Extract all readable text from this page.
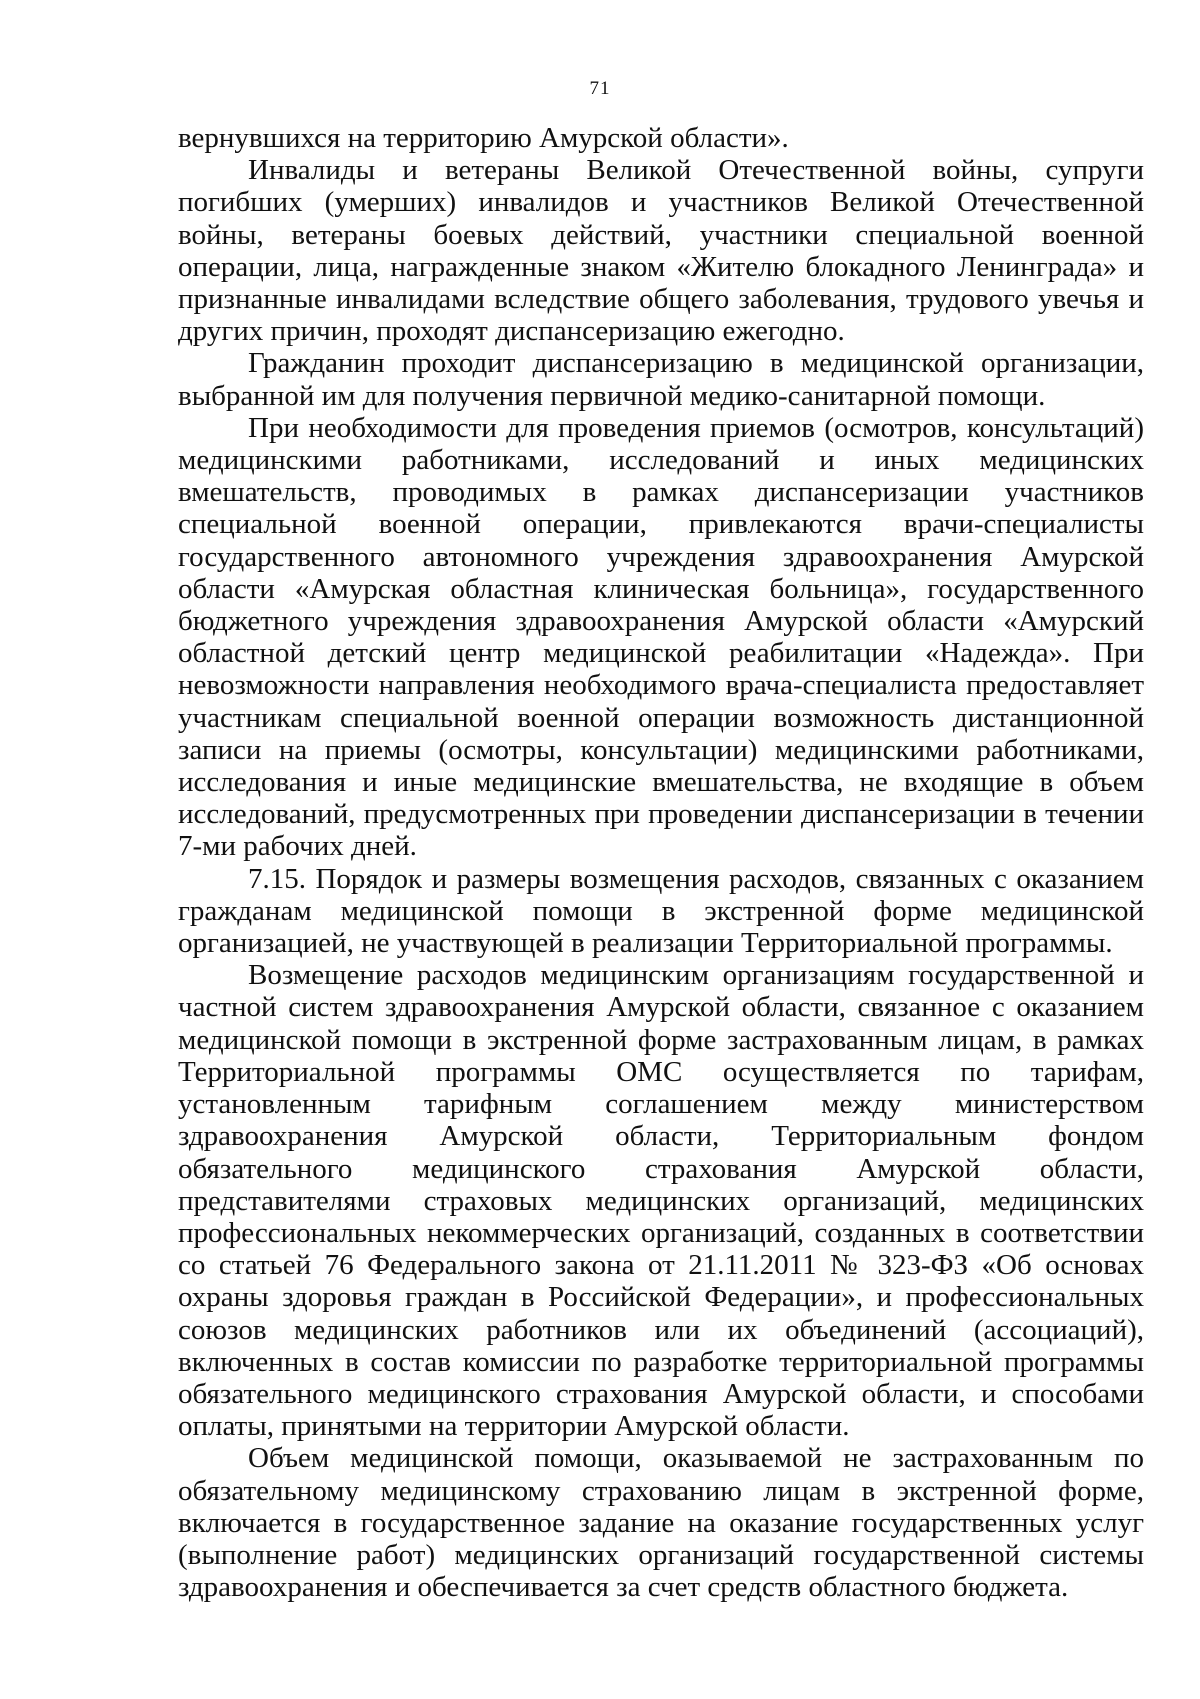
71

вернувшихся на территорию Амурской области».

Инвалиды и ветераны Великой Отечественной войны, супруги погибших (умерших) инвалидов и участников Великой Отечественной войны, ветераны боевых действий, участники специальной военной операции, лица, награжденные знаком «Жителю блокадного Ленинграда» и признанные инвалидами вследствие общего заболевания, трудового увечья и других причин, проходят диспансеризацию ежегодно.

Гражданин проходит диспансеризацию в медицинской организации, выбранной им для получения первичной медико-санитарной помощи.

При необходимости для проведения приемов (осмотров, консультаций) медицинскими работниками, исследований и иных медицинских вмешательств, проводимых в рамках диспансеризации участников специальной военной операции, привлекаются врачи-специалисты государственного автономного учреждения здравоохранения Амурской области «Амурская областная клиническая больница», государственного бюджетного учреждения здравоохранения Амурской области «Амурский областной детский центр медицинской реабилитации «Надежда». При невозможности направления необходимого врача-специалиста предоставляет участникам специальной военной операции возможность дистанционной записи на приемы (осмотры, консультации) медицинскими работниками, исследования и иные медицинские вмешательства, не входящие в объем исследований, предусмотренных при проведении диспансеризации в течении 7-ми рабочих дней.

7.15. Порядок и размеры возмещения расходов, связанных с оказанием гражданам медицинской помощи в экстренной форме медицинской организацией, не участвующей в реализации Территориальной программы.

Возмещение расходов медицинским организациям государственной и частной систем здравоохранения Амурской области, связанное с оказанием медицинской помощи в экстренной форме застрахованным лицам, в рамках Территориальной программы ОМС осуществляется по тарифам, установленным тарифным соглашением между министерством здравоохранения Амурской области, Территориальным фондом обязательного медицинского страхования Амурской области, представителями страховых медицинских организаций, медицинских профессиональных некоммерческих организаций, созданных в соответствии со статьей 76 Федерального закона от 21.11.2011 № 323-ФЗ «Об основах охраны здоровья граждан в Российской Федерации», и профессиональных союзов медицинских работников или их объединений (ассоциаций), включенных в состав комиссии по разработке территориальной программы обязательного медицинского страхования Амурской области, и способами оплаты, принятыми на территории Амурской области.

Объем медицинской помощи, оказываемой не застрахованным по обязательному медицинскому страхованию лицам в экстренной форме, включается в государственное задание на оказание государственных услуг (выполнение работ) медицинских организаций государственной системы здравоохранения и обеспечивается за счет средств областного бюджета.
